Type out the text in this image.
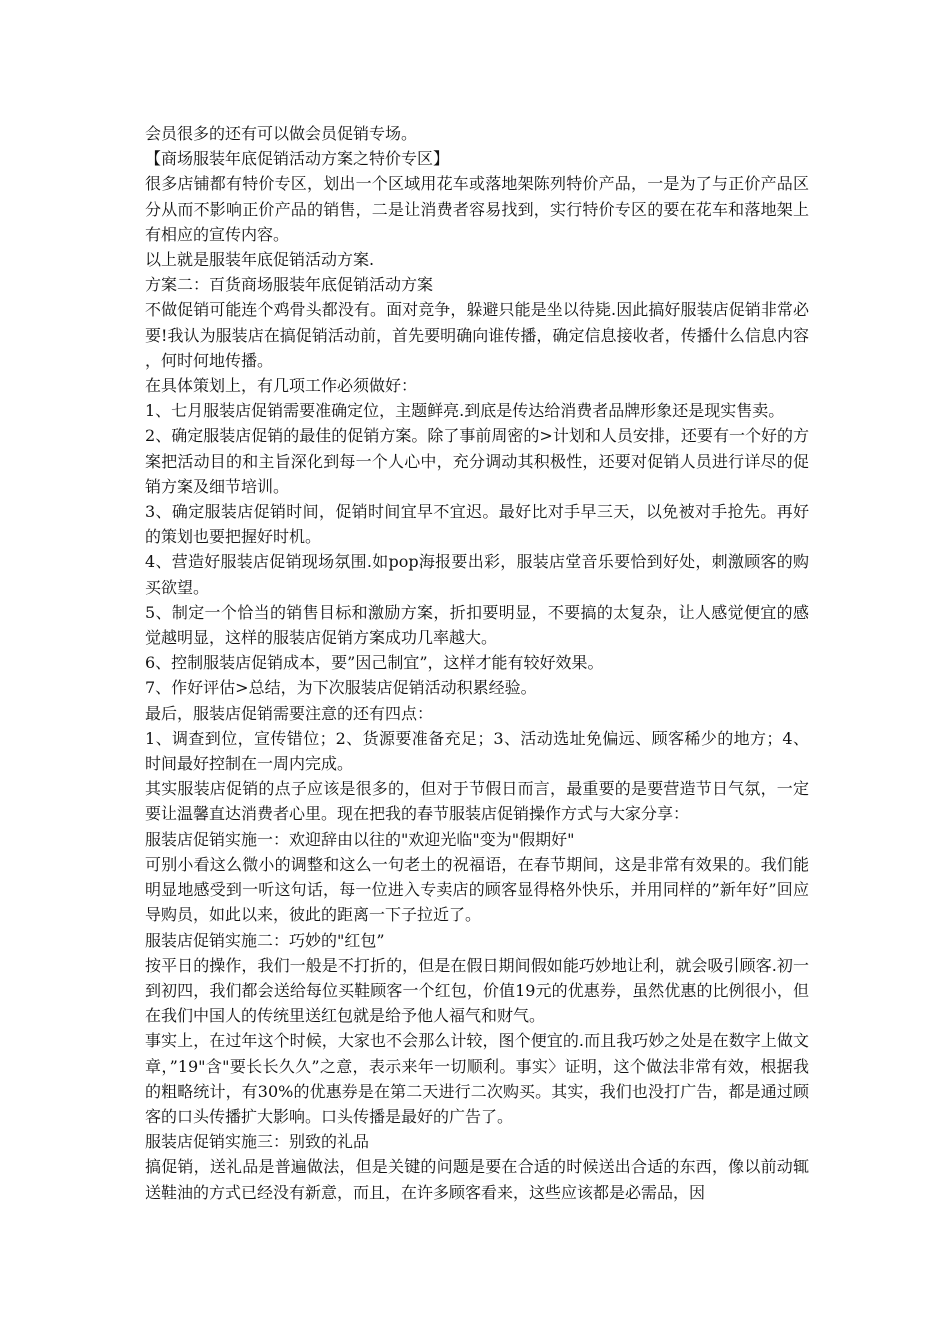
会员很多的还有可以做会员促销专场。

【商场服装年底促销活动方案之特价专区】

很多店铺都有特价专区，划出一个区域用花车或落地架陈列特价产品，一是为了与正价产品区分从而不影响正价产品的销售，二是让消费者容易找到，实行特价专区的要在花车和落地架上有相应的宣传内容。

以上就是服装年底促销活动方案.

方案二：百货商场服装年底促销活动方案

不做促销可能连个鸡骨头都没有。面对竞争，躲避只能是坐以待毙.因此搞好服装店促销非常必要!我认为服装店在搞促销活动前，首先要明确向谁传播，确定信息接收者，传播什么信息内容，何时何地传播。

在具体策划上，有几项工作必须做好：

1、七月服装店促销需要准确定位，主题鲜亮.到底是传达给消费者品牌形象还是现实售卖。

2、确定服装店促销的最佳的促销方案。除了事前周密的>计划和人员安排，还要有一个好的方案把活动目的和主旨深化到每一个人心中，充分调动其积极性，还要对促销人员进行详尽的促销方案及细节培训。

3、确定服装店促销时间，促销时间宜早不宜迟。最好比对手早三天，以免被对手抢先。再好的策划也要把握好时机。

4、营造好服装店促销现场氛围.如pop海报要出彩，服装店堂音乐要恰到好处，刺激顾客的购买欲望。

5、制定一个恰当的销售目标和激励方案，折扣要明显，不要搞的太复杂，让人感觉便宜的感觉越明显，这样的服装店促销方案成功几率越大。

6、控制服装店促销成本，要”因己制宜”，这样才能有较好效果。

7、作好评估>总结，为下次服装店促销活动积累经验。

最后，服装店促销需要注意的还有四点：

1、调查到位，宣传错位；2、货源要准备充足；3、活动选址免偏远、顾客稀少的地方；4、时间最好控制在一周内完成。

其实服装店促销的点子应该是很多的，但对于节假日而言，最重要的是要营造节日气氛，一定要让温馨直达消费者心里。现在把我的春节服装店促销操作方式与大家分享：

服装店促销实施一：欢迎辞由以往的"欢迎光临"变为"假期好"

可别小看这么微小的调整和这么一句老土的祝福语，在春节期间，这是非常有效果的。我们能明显地感受到一听这句话，每一位进入专卖店的顾客显得格外快乐，并用同样的”新年好”回应导购员，如此以来，彼此的距离一下子拉近了。

服装店促销实施二：巧妙的"红包”

按平日的操作，我们一般是不打折的，但是在假日期间假如能巧妙地让利，就会吸引顾客.初一到初四，我们都会送给每位买鞋顾客一个红包，价值19元的优惠券，虽然优惠的比例很小，但在我们中国人的传统里送红包就是给予他人福气和财气。

事实上，在过年这个时候，大家也不会那么计较，图个便宜的.而且我巧妙之处是在数字上做文章，”19"含"要长长久久”之意，表示来年一切顺利。事实〉证明，这个做法非常有效，根据我的粗略统计，有30%的优惠券是在第二天进行二次购买。其实，我们也没打广告，都是通过顾客的口头传播扩大影响。口头传播是最好的广告了。

服装店促销实施三：别致的礼品

搞促销，送礼品是普遍做法，但是关键的问题是要在合适的时候送出合适的东西，像以前动辄送鞋油的方式已经没有新意，而且，在许多顾客看来，这些应该都是必需品，因
